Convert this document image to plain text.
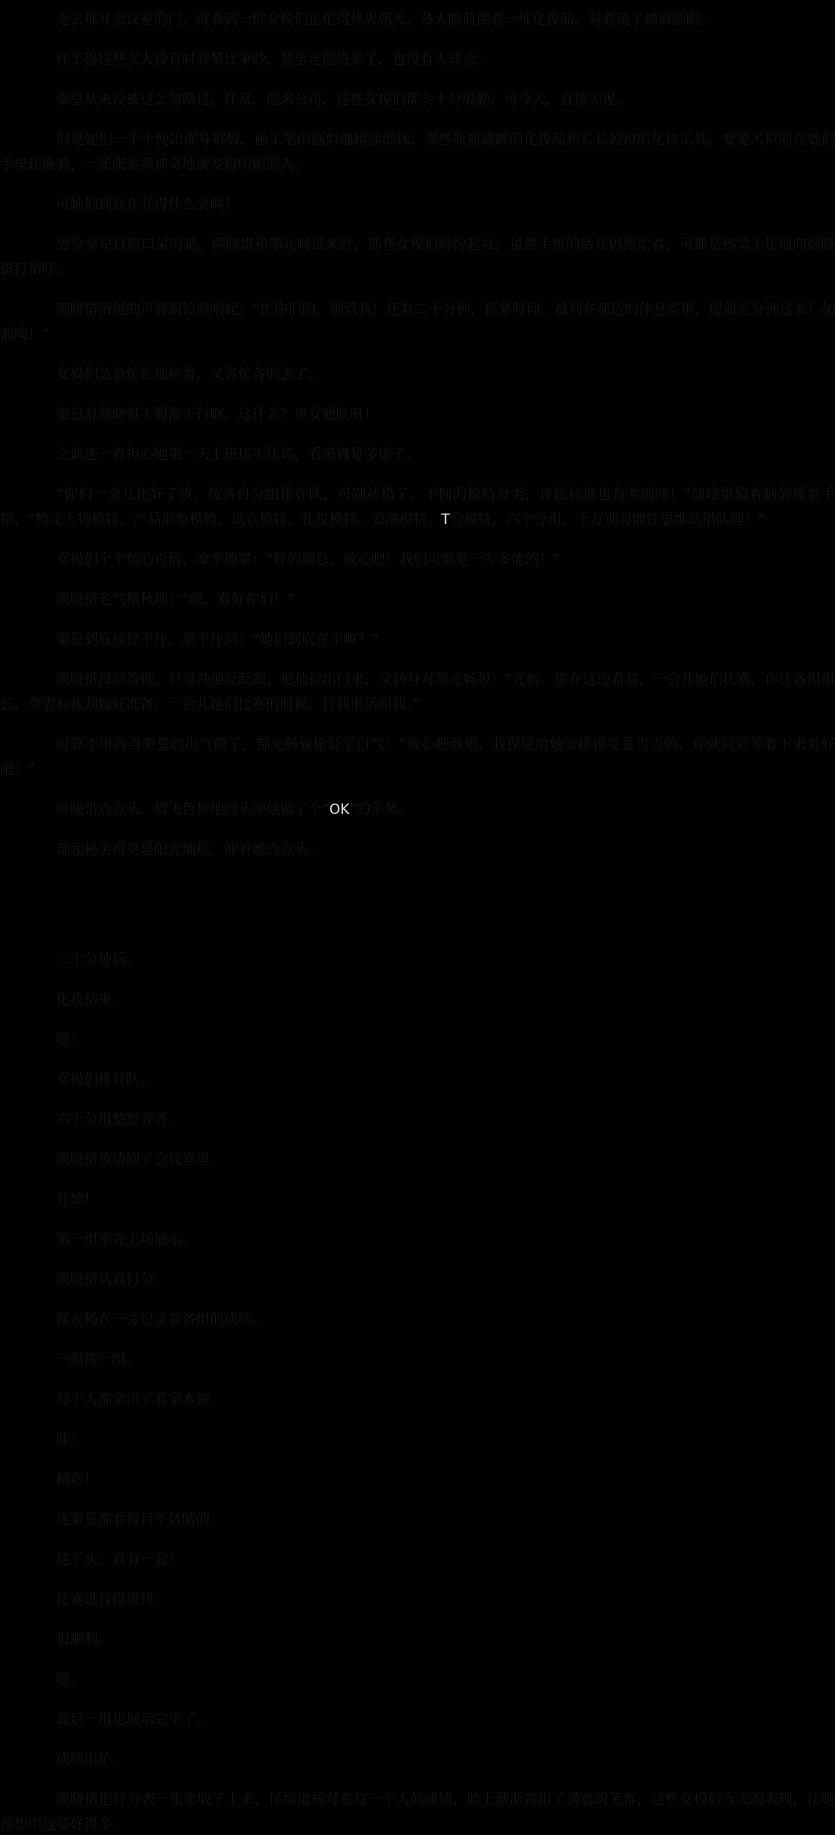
走去推开会议室的门，就看到一群女模们正忙得热火朝天，各人眼前摆着一堆化妆品，对着镜子描眉画眼。

怪不得这些女人没有时间攀比争吵，甚至连他进来了，也没有人理会。

秦皇从来没被这么忽略过，往常，他来公司，这些女模们都会十分殷勤，可今天，直接无视。

但见她们一个个使出浑身解数，画工笔国画似地精涂细抹，那些瓶瓶罐罐的化妆品和长长短短的化妆工具，变魔术似的在她们手里轮换着，一张张素颜神奇地就变得明媚照人。

可她们到底在开得什么会啊！

更令秦皇目瞪口呆的是，颜晓惜和郜元畅进来时，那些女模们纷纷起立，虽然手里的活儿仍然忙着，可都是热情十足地向颜晓惜打招呼。

颜晓惜清越的声音铜铃般响起：“忙你们的，别管我！还有二十分钟，抓紧时间。裁判在那边的休息室里，提前五分钟过来！加油噢！”

女模们急急忙忙地应着，又各忙各的去了。

秦皇对颜晓惜不服都不行啊，这什么？男女通吃呀！

之前还一直担心她第一天上班压不住场，看来真是多虑了。

“你们一会儿化好了妆，按各自分组排好队，可别站错了，不同的模特分类，评比标准也有差别哩！”颜晓惜偏着脑袋挥着手指，“特定人物模特、产品形象模特、试衣模特、礼仪模特、表演模特、T台模特，六个分组，千万别习惯性思维站错队哩！”

女模们个个信心百倍，摩拳擦掌：“好的颜总，放心吧！我们可都是一专多能的！”

颜晓惜老气横秋地：“嗯，看好你们！”

秦皇到底按捺不住，忍不住问：“她们到底在干嘛？”

颜晓惜没回答他，只是冲他眨眨眼，把他拉出门来，又转身对郜元畅说：“元畅，你在这边看着，一会儿她们比赛，你让各组组长，拿表和裁判做好准备，一会儿她们比赛的时候，打我电话叫我。”

可算不用再当秦皇的出气筒了，郜元畅偷偷舒了口气：“放心吧颜姐，我保证给她安排得妥妥当当的，你就只管等着下来看好吧！”

颜晓惜点点头，眉飞色舞地回头冲他做了个“OK”的手势。

郜元畅笑得更是阳光灿烂，冲着她点点头。

二十分钟后。

化妆结束。

嗯！

女模们排好队。

六个分组整整齐齐。

颜晓惜被请回了会议室里。

开始！

第一组率先上场展示。

颜晓惜认真打分。

郜元畅在一旁记录着各组的成绩。

一组接一组。

每个人都拿出了看家本领。

哇！

精彩！

连秦皇都看得目不转睛的。

这丫头，真有一套！

比赛进行得很快。

很顺利。

嗯。

最后一组也展示完毕了。

成绩出炉。

颜晓惜把打分表一张张收了上来，仔细地核对着每一个人的成绩，脸上渐渐露出了满意的笑容，这些女模们今天的表现，比她预想中还要好得多。
